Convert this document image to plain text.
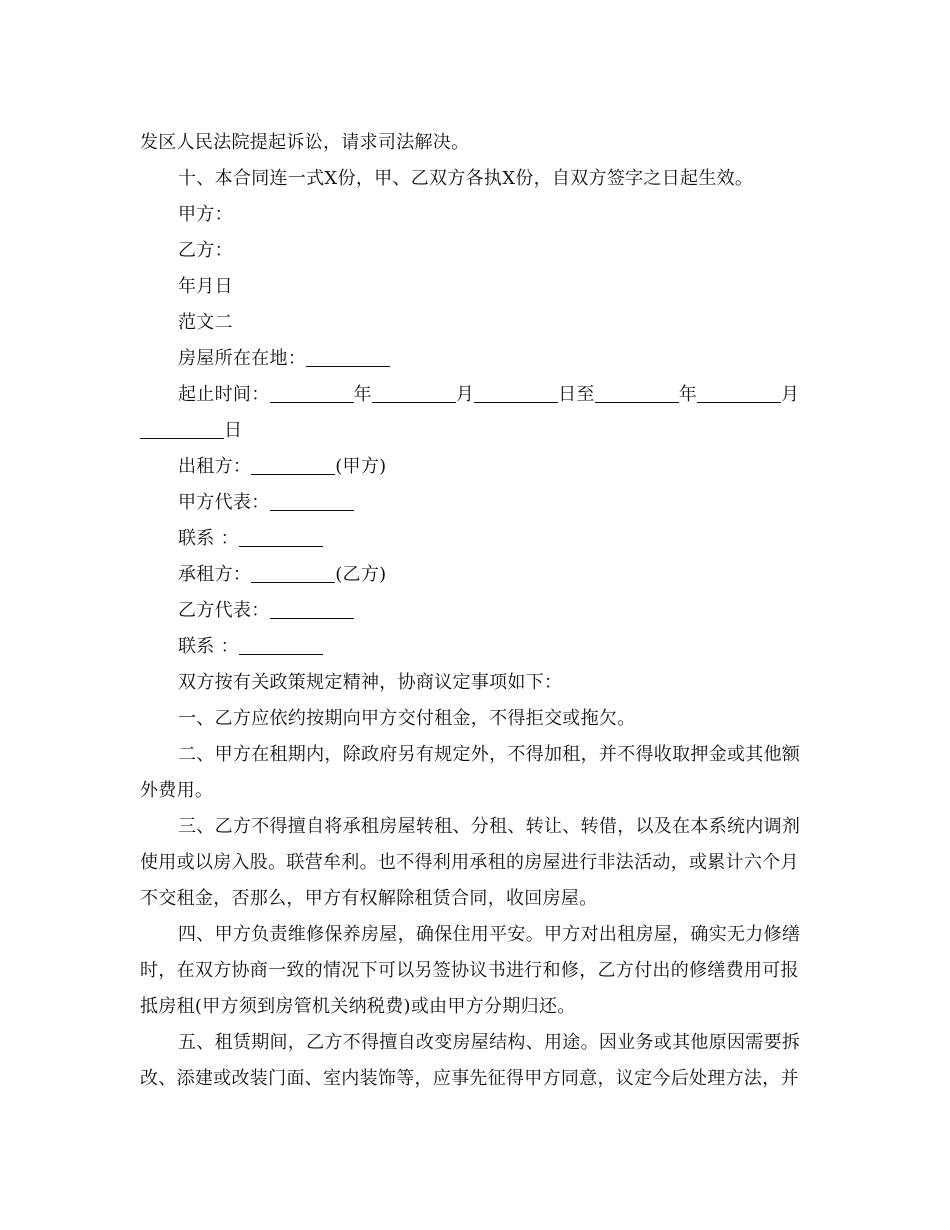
发区人民法院提起诉讼，请求司法解决。
十、本合同连一式X份，甲、乙双方各执X份，自双方签字之日起生效。
甲方：
乙方：
年月日
范文二
房屋所在在地：
起止时间：	年	月	日至	年	月
日
出租方：	(甲方)
甲方代表：
联系 ：
承租方：	(乙方)
乙方代表：
联系 ：
双方按有关政策规定精神，协商议定事项如下：
一、乙方应依约按期向甲方交付租金，不得拒交或拖欠。
二、甲方在租期内，除政府另有规定外，不得加租，并不得收取押金或其他额
外费用。
三、乙方不得擅自将承租房屋转租、分租、转让、转借，以及在本系统内调剂
使用或以房入股。联营牟利。也不得利用承租的房屋进行非法活动，或累计六个月
不交租金，否那么，甲方有权解除租赁合同，收回房屋。
四、甲方负责维修保养房屋，确保住用平安。甲方对出租房屋，确实无力修缮
时，在双方协商一致的情况下可以另签协议书进行和修，乙方付出的修缮费用可报
抵房租(甲方须到房管机关纳税费)或由甲方分期归还。
五、租赁期间，乙方不得擅自改变房屋结构、用途。因业务或其他原因需要拆
改、添建或改装门面、室内装饰等，应事先征得甲方同意，议定今后处理方法，并
